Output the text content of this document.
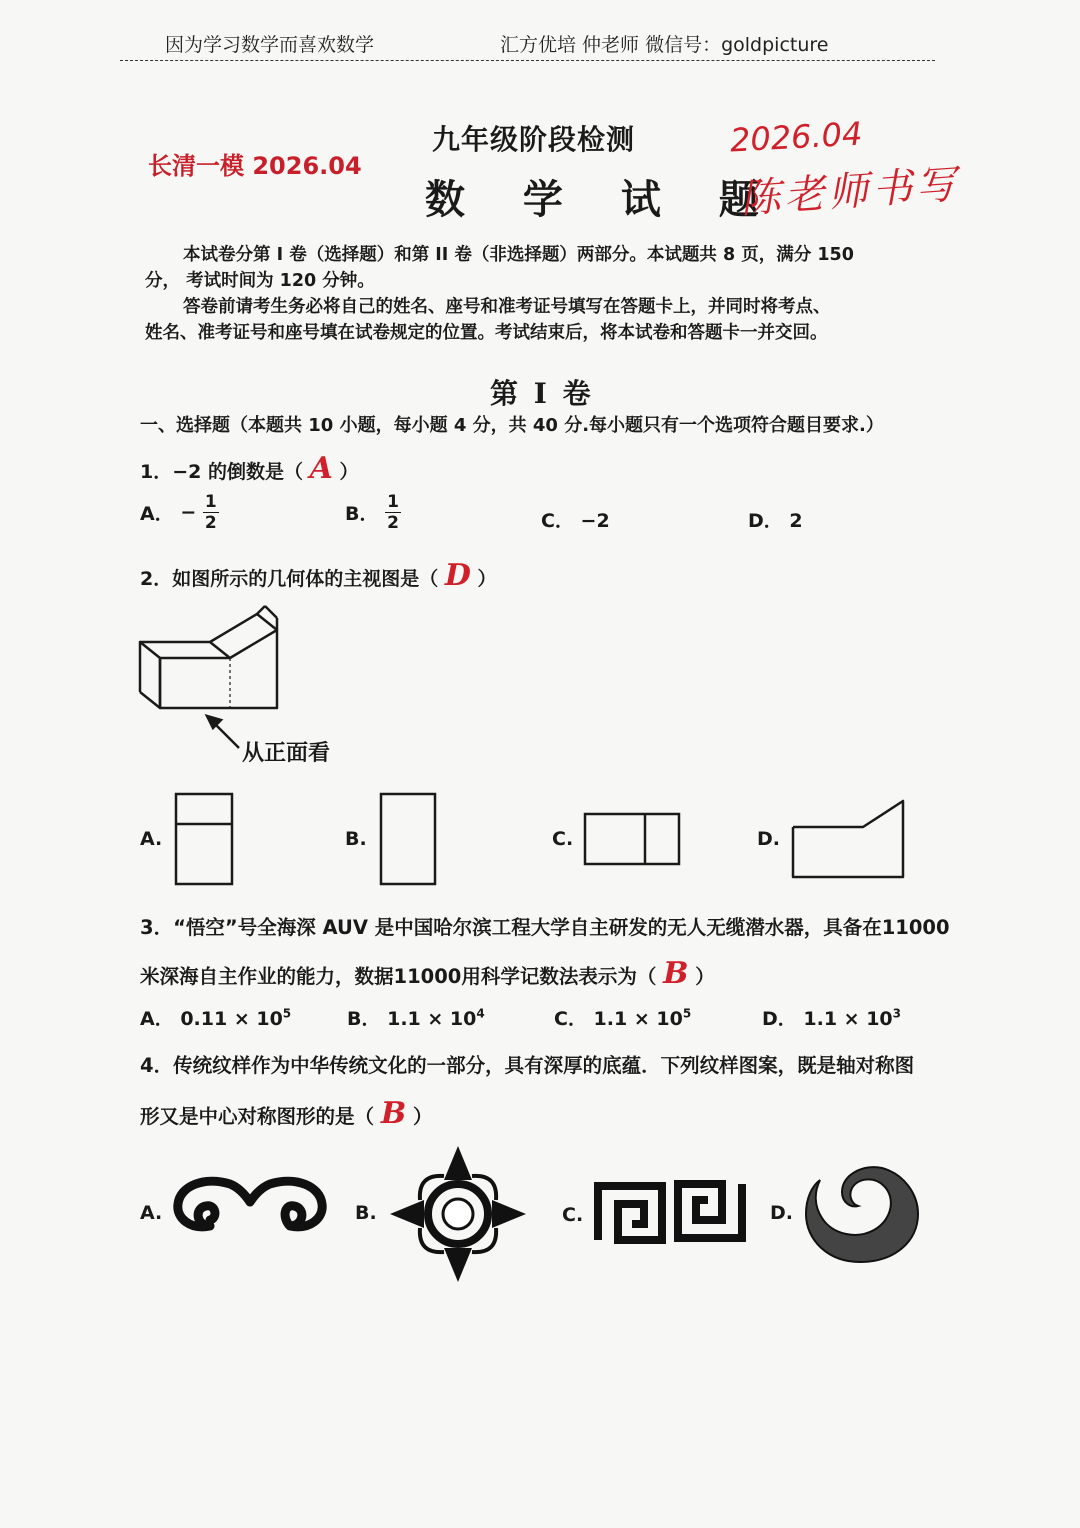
因为学习数学而喜欢数学	汇方优培 仲老师 微信号：goldpicture
长清一模 2026.04
九年级阶段检测
数 学 试 题
2026.04
陈老师书写
本试卷分第 I 卷（选择题）和第 II 卷（非选择题）两部分。本试题共 8 页，满分 150
分， 考试时间为 120 分钟。
答卷前请考生务必将自己的姓名、座号和准考证号填写在答题卡上，并同时将考点、
姓名、准考证号和座号填在试卷规定的位置。考试结束后，将本试卷和答题卡一并交回。
第 I 卷
一、选择题（本题共 10 小题，每小题 4 分，共 40 分.每小题只有一个选项符合题目要求.）
1．−2 的倒数是（ A ）
A． − $\frac{1}{2}$	B． $\frac{1}{2}$	C． −2	D． 2
2．如图所示的几何体的主视图是（ D ）
从正面看
A.	B.	C.	D.
3．“悟空”号全海深 AUV 是中国哈尔滨工程大学自主研发的无人无缆潜水器，具备在11000
米深海自主作业的能力，数据11000用科学记数法表示为（ B ）
A． $0.11 \times 10^5$	B． $1.1 \times 10^4$	C． $1.1 \times 10^5$	D． $1.1 \times 10^3$
4．传统纹样作为中华传统文化的一部分，具有深厚的底蕴．下列纹样图案，既是轴对称图
形又是中心对称图形的是（ B ）
A.	B.	C.	D.
